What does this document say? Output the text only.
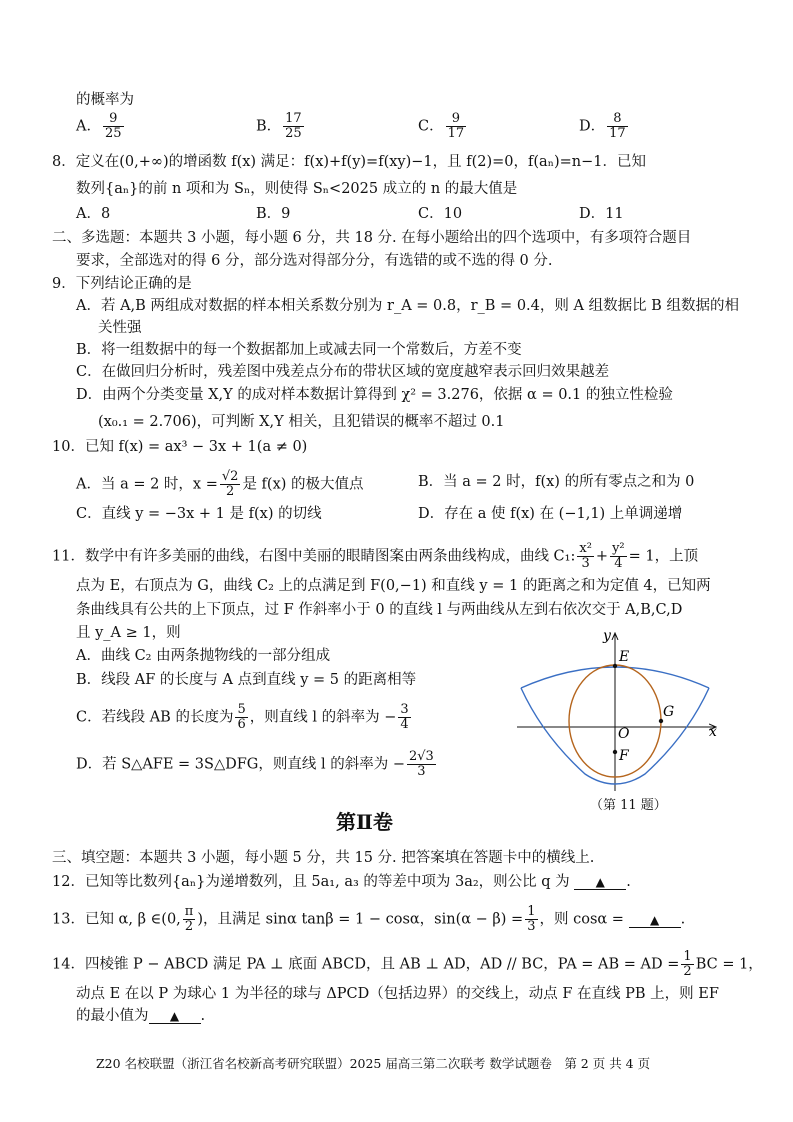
的概率为
A． $\frac{9}{25}$	B． $\frac{17}{25}$	C． $\frac{9}{17}$	D． $\frac{8}{17}$
8．定义在(0,+∞)的增函数 f(x) 满足：f(x)+f(y)=f(xy)−1，且 f(2)=0，f(aₙ)=n−1．已知
数列{aₙ}的前 n 项和为 Sₙ，则使得 Sₙ<2025 成立的 n 的最大值是
A．8	B．9	C．10	D．11
二、多选题：本题共 3 小题，每小题 6 分，共 18 分. 在每小题给出的四个选项中，有多项符合题目
要求，全部选对的得 6 分，部分选对得部分分，有选错的或不选的得 0 分.
9．下列结论正确的是
A．若 A,B 两组成对数据的样本相关系数分别为 r_A = 0.8，r_B = 0.4，则 A 组数据比 B 组数据的相
关性强
B．将一组数据中的每一个数据都加上或减去同一个常数后，方差不变
C．在做回归分析时，残差图中残差点分布的带状区域的宽度越窄表示回归效果越差
D．由两个分类变量 X,Y 的成对样本数据计算得到 χ² = 3.276，依据 α = 0.1 的独立性检验
(x₀.₁ = 2.706)，可判断 X,Y 相关，且犯错误的概率不超过 0.1
10．已知 f(x) = ax³ − 3x + 1(a ≠ 0)
A．当 a = 2 时，$x = \frac{√2}{2}$ 是 f(x) 的极大值点	B．当 a = 2 时，f(x) 的所有零点之和为 0
C．直线 y = −3x + 1 是 f(x) 的切线	D．存在 a 使 f(x) 在 (−1,1) 上单调递增
11．数学中有许多美丽的曲线，右图中美丽的眼睛图案由两条曲线构成，曲线 C₁: $\frac{\text{x²}}{3} + \frac{\text{y²}}{4} = 1$，上顶
点为 E，右顶点为 G，曲线 C₂ 上的点满足到 F(0,−1) 和直线 y = 1 的距离之和为定值 4，已知两
条曲线具有公共的上下顶点，过 F 作斜率小于 0 的直线 l 与两曲线从左到右依次交于 A,B,C,D
且 y_A ≥ 1，则
A．曲线 C₂ 由两条抛物线的一部分组成
B．线段 AF 的长度与 A 点到直线 y = 5 的距离相等
C．若线段 AB 的长度为 $\frac{5}{6}$ ，则直线 l 的斜率为 − $\frac{3}{4}$
D．若 S△AFE = 3S△DFG，则直线 l 的斜率为 − $\frac{2√3}{3}$
y
x
E
G
O
F
（第 11 题）
第Ⅱ卷
三、填空题：本题共 3 小题，每小题 5 分，共 15 分. 把答案填在答题卡中的横线上.
12．已知等比数列{aₙ}为递增数列，且 5a₁, a₃ 的等差中项为 3a₂，则公比 q 为 ▲ .
13．已知 α, β ∈(0, $\frac{\pi}{2}$ )，且满足 sinα tanβ = 1 − cosα，$\sin(\alpha - \beta) = \frac{1}{3}$ ，则 cosα = ▲ .
14．四棱锥 P − ABCD 满足 PA ⊥ 底面 ABCD，且 AB ⊥ AD，AD // BC，PA = AB = AD = $\frac{1}{2}$ BC = 1，
动点 E 在以 P 为球心 1 为半径的球与 ΔPCD（包括边界）的交线上，动点 F 在直线 PB 上，则 EF
的最小值为 ▲ .
Z20 名校联盟（浙江省名校新高考研究联盟）2025 届高三第二次联考 数学试题卷　第 2 页 共 4 页
